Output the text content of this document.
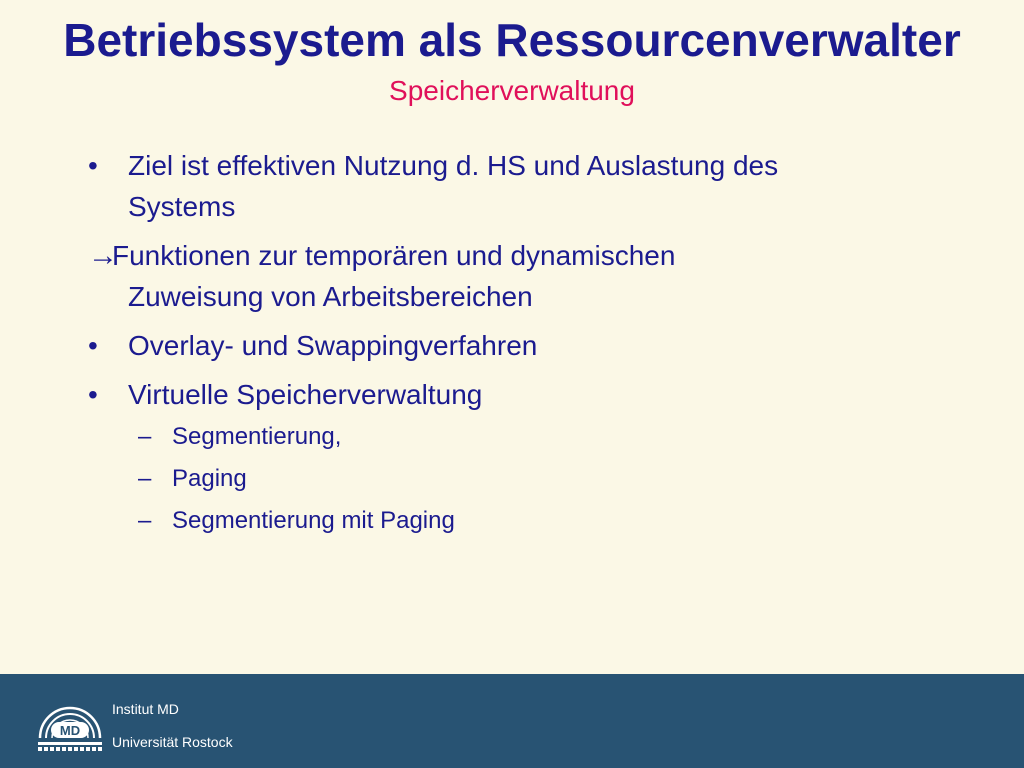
Betriebssystem als Ressourcenverwalter
Speicherverwaltung
• Ziel ist effektiven Nutzung d. HS und Auslastung des
Systems
→
Funktionen zur temporären und dynamischen
Zuweisung von Arbeitsbereichen
• Overlay- und Swappingverfahren
• Virtuelle Speicherverwaltung
– Segmentierung,
– Paging
– Segmentierung mit Paging
MD
Institut MD
Universität Rostock
